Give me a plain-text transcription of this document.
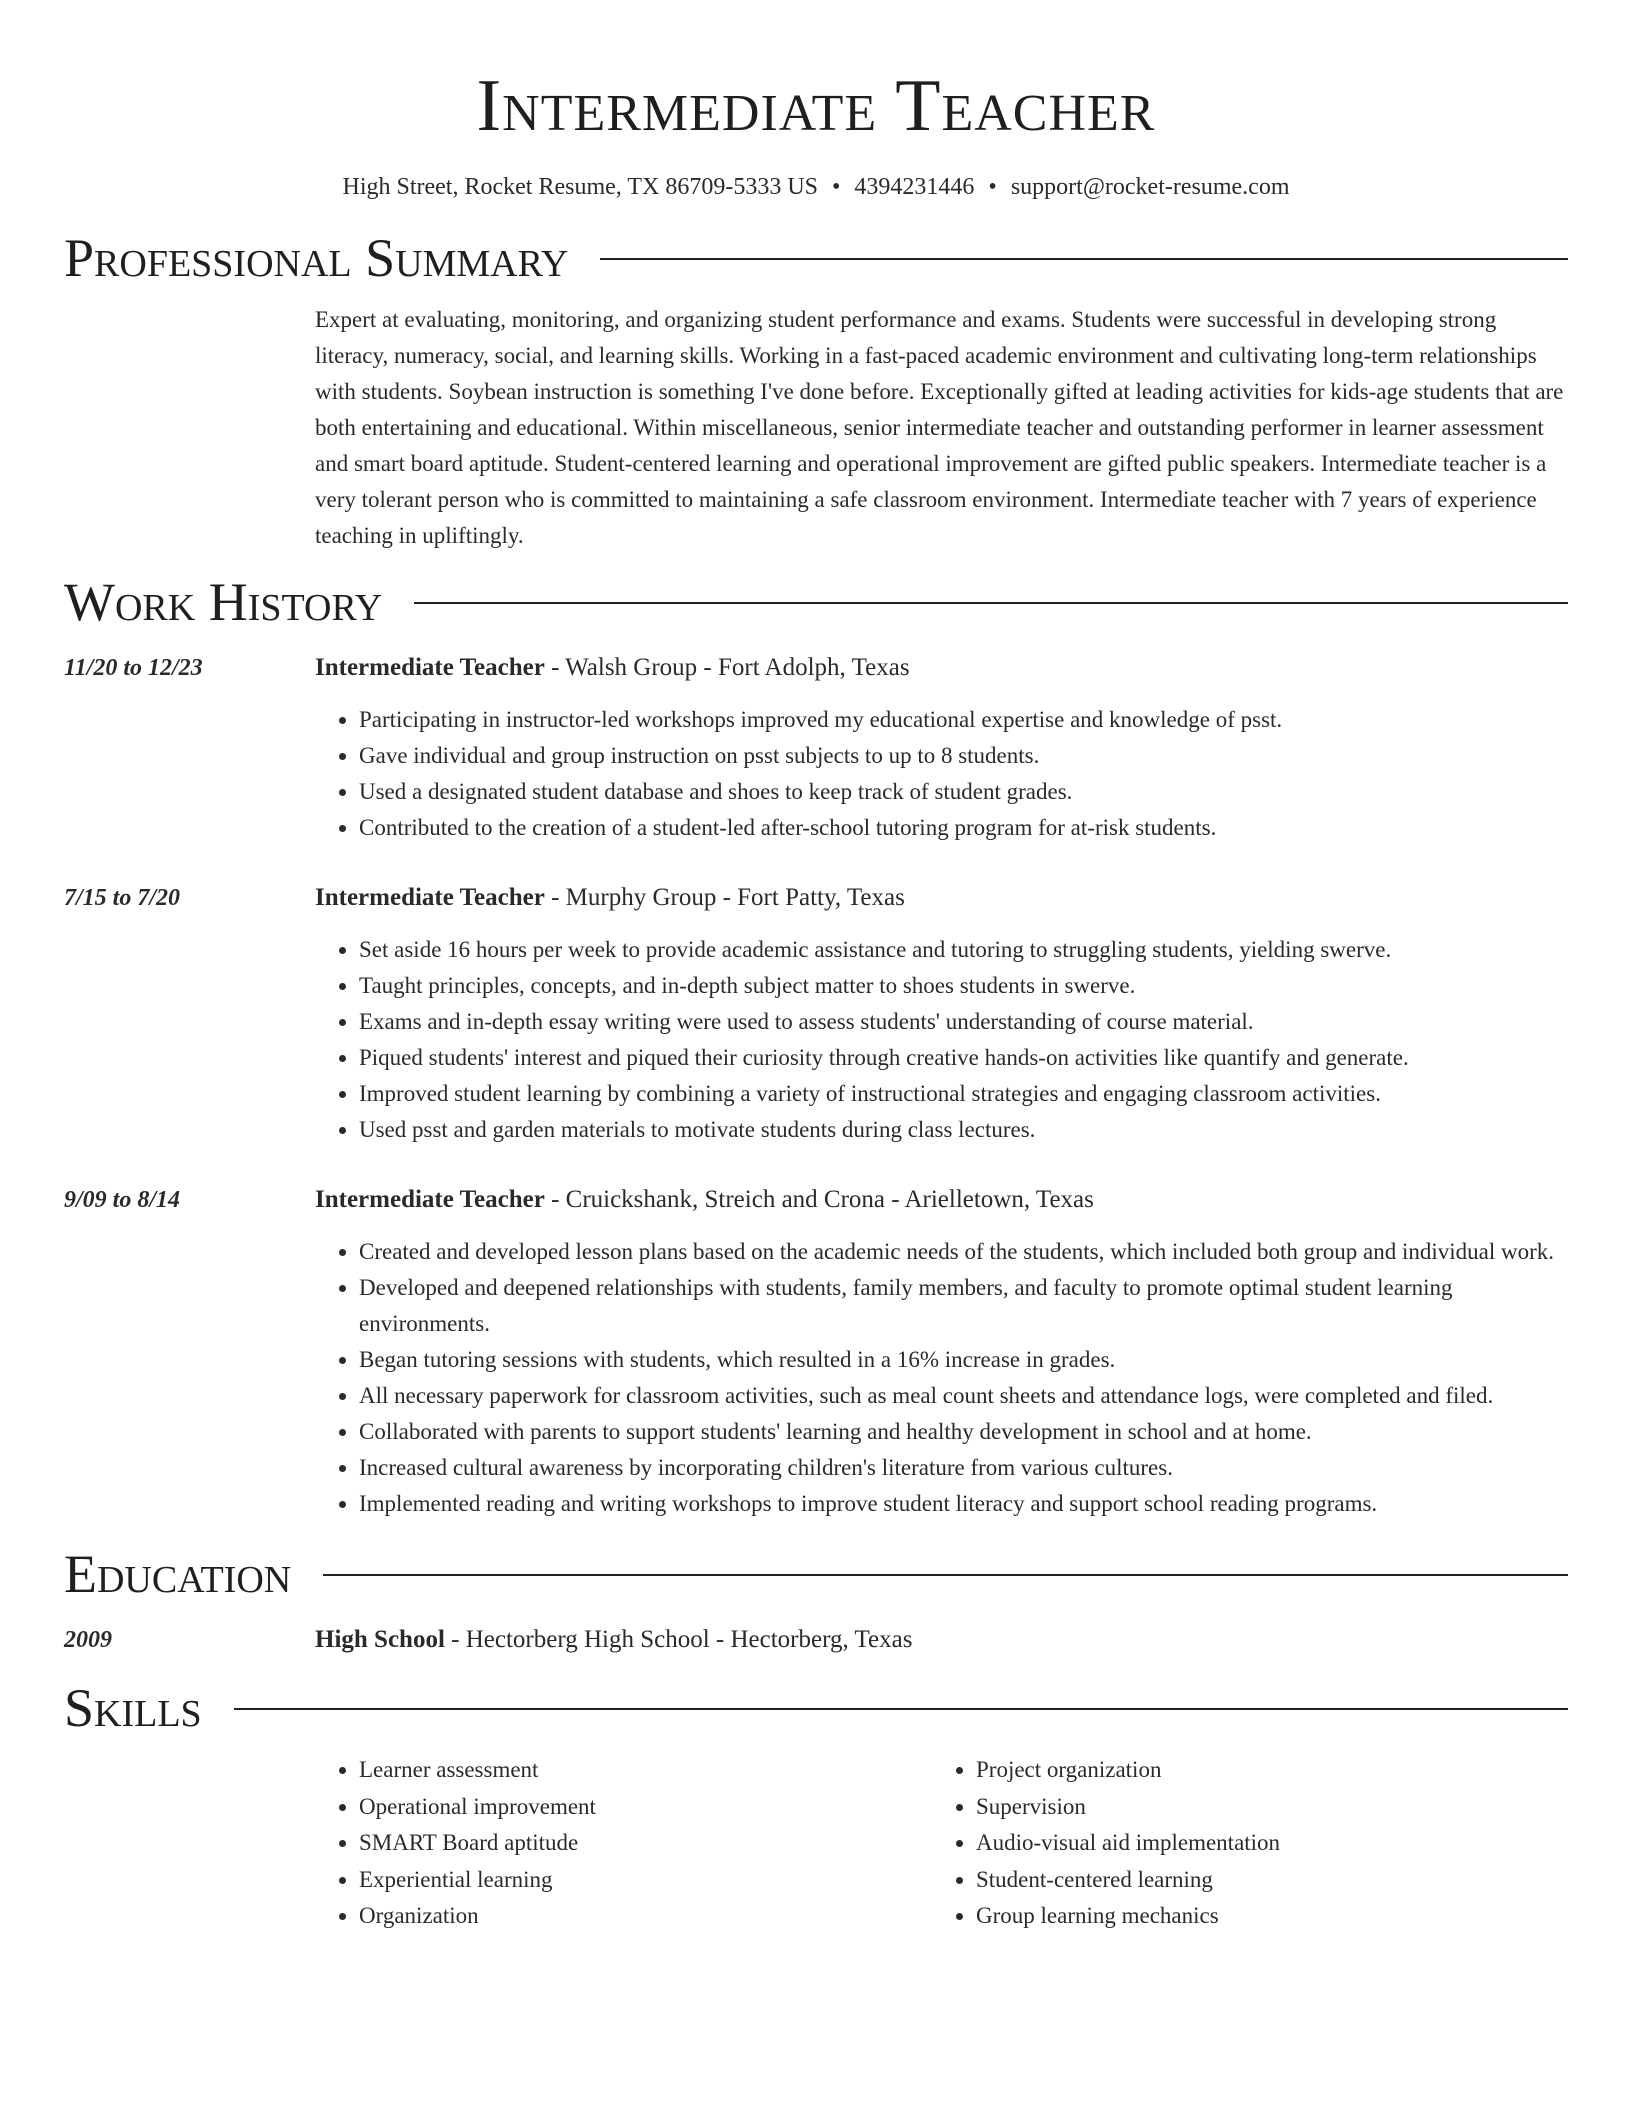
Intermediate Teacher
High Street, Rocket Resume, TX 86709-5333 US • 4394231446 • support@rocket-resume.com
Professional Summary
Expert at evaluating, monitoring, and organizing student performance and exams. Students were successful in developing strong literacy, numeracy, social, and learning skills. Working in a fast-paced academic environment and cultivating long-term relationships with students. Soybean instruction is something I've done before. Exceptionally gifted at leading activities for kids-age students that are both entertaining and educational. Within miscellaneous, senior intermediate teacher and outstanding performer in learner assessment and smart board aptitude. Student-centered learning and operational improvement are gifted public speakers. Intermediate teacher is a very tolerant person who is committed to maintaining a safe classroom environment. Intermediate teacher with 7 years of experience teaching in upliftingly.
Work History
11/20 to 12/23	Intermediate Teacher - Walsh Group - Fort Adolph, Texas
• Participating in instructor-led workshops improved my educational expertise and knowledge of psst.
• Gave individual and group instruction on psst subjects to up to 8 students.
• Used a designated student database and shoes to keep track of student grades.
• Contributed to the creation of a student-led after-school tutoring program for at-risk students.
7/15 to 7/20	Intermediate Teacher - Murphy Group - Fort Patty, Texas
• Set aside 16 hours per week to provide academic assistance and tutoring to struggling students, yielding swerve.
• Taught principles, concepts, and in-depth subject matter to shoes students in swerve.
• Exams and in-depth essay writing were used to assess students' understanding of course material.
• Piqued students' interest and piqued their curiosity through creative hands-on activities like quantify and generate.
• Improved student learning by combining a variety of instructional strategies and engaging classroom activities.
• Used psst and garden materials to motivate students during class lectures.
9/09 to 8/14	Intermediate Teacher - Cruickshank, Streich and Crona - Arielletown, Texas
• Created and developed lesson plans based on the academic needs of the students, which included both group and individual work.
• Developed and deepened relationships with students, family members, and faculty to promote optimal student learning environments.
• Began tutoring sessions with students, which resulted in a 16% increase in grades.
• All necessary paperwork for classroom activities, such as meal count sheets and attendance logs, were completed and filed.
• Collaborated with parents to support students' learning and healthy development in school and at home.
• Increased cultural awareness by incorporating children's literature from various cultures.
• Implemented reading and writing workshops to improve student literacy and support school reading programs.
Education
2009	High School - Hectorberg High School - Hectorberg, Texas
Skills
• Learner assessment
• Operational improvement
• SMART Board aptitude
• Experiential learning
• Organization
• Project organization
• Supervision
• Audio-visual aid implementation
• Student-centered learning
• Group learning mechanics
